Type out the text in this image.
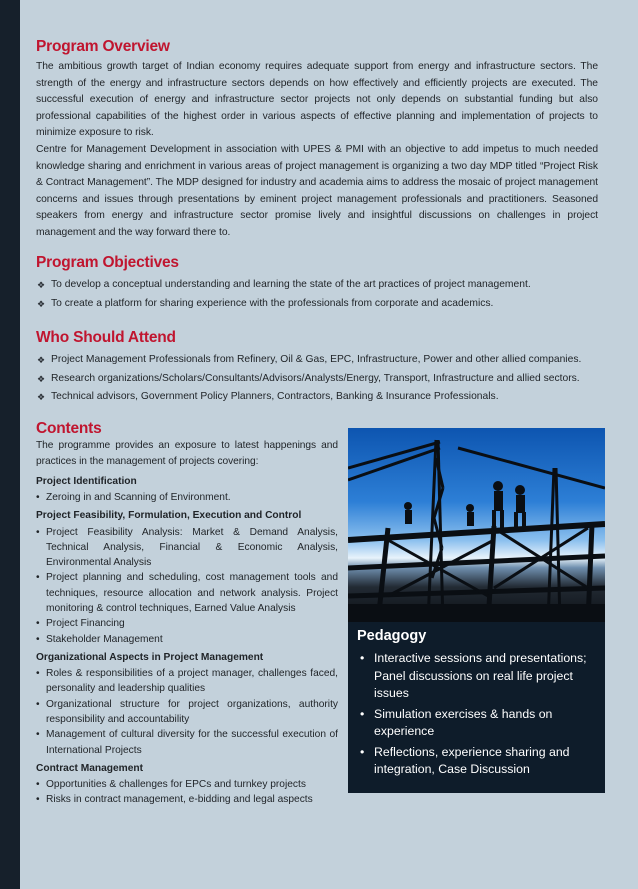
Program Overview

The ambitious growth target of Indian economy requires adequate support from energy and infrastructure sectors. The strength of the energy and infrastructure sectors depends on how effectively and efficiently projects are executed. The successful execution of energy and infrastructure sector projects not only depends on substantial funding but also professional capabilities of the highest order in various aspects of effective planning and implementation of projects to minimize exposure to risk.

Centre for Management Development in association with UPES & PMI with an objective to add impetus to much needed knowledge sharing and enrichment in various areas of project management is organizing a two day MDP titled “Project Risk & Contract Management”. The MDP designed for industry and academia aims to address the mosaic of project management concerns and issues through presentations by eminent project management professionals and practitioners. Seasoned speakers from energy and infrastructure sector promise lively and insightful discussions on challenges in project management and the way forward there to.

Program Objectives
❖ To develop a conceptual understanding and learning the state of the art practices of project management.
❖ To create a platform for sharing experience with the professionals from corporate and academics.
Who Should Attend
❖ Project Management Professionals from Refinery, Oil & Gas, EPC, Infrastructure, Power and other allied companies.
❖ Research organizations/Scholars/Consultants/Advisors/Analysts/Energy, Transport, Infrastructure and allied sectors.
❖ Technical advisors, Government Policy Planners, Contractors, Banking & Insurance Professionals.
Contents

The programme provides an exposure to latest happenings and practices in the management of projects covering:

Project Identification
• Zeroing in and Scanning of Environment.
Project Feasibility, Formulation, Execution and Control
• Project Feasibility Analysis: Market & Demand Analysis, Technical Analysis, Financial & Economic Analysis, Environmental Analysis
• Project planning and scheduling, cost management tools and techniques, resource allocation and network analysis. Project monitoring & control techniques, Earned Value Analysis
• Project Financing
• Stakeholder Management
Organizational Aspects in Project Management
• Roles & responsibilities of a project manager, challenges faced, personality and leadership qualities
• Organizational structure for project organizations, authority responsibility and accountability
• Management of cultural diversity for the successful execution of International Projects
Contract Management
• Opportunities & challenges for EPCs and turnkey projects
• Risks in contract management, e-bidding and legal aspects
Pedagogy
• Interactive sessions and presentations; Panel discussions on real life project issues
• Simulation exercises & hands on experience
• Reflections, experience sharing and integration, Case Discussion
